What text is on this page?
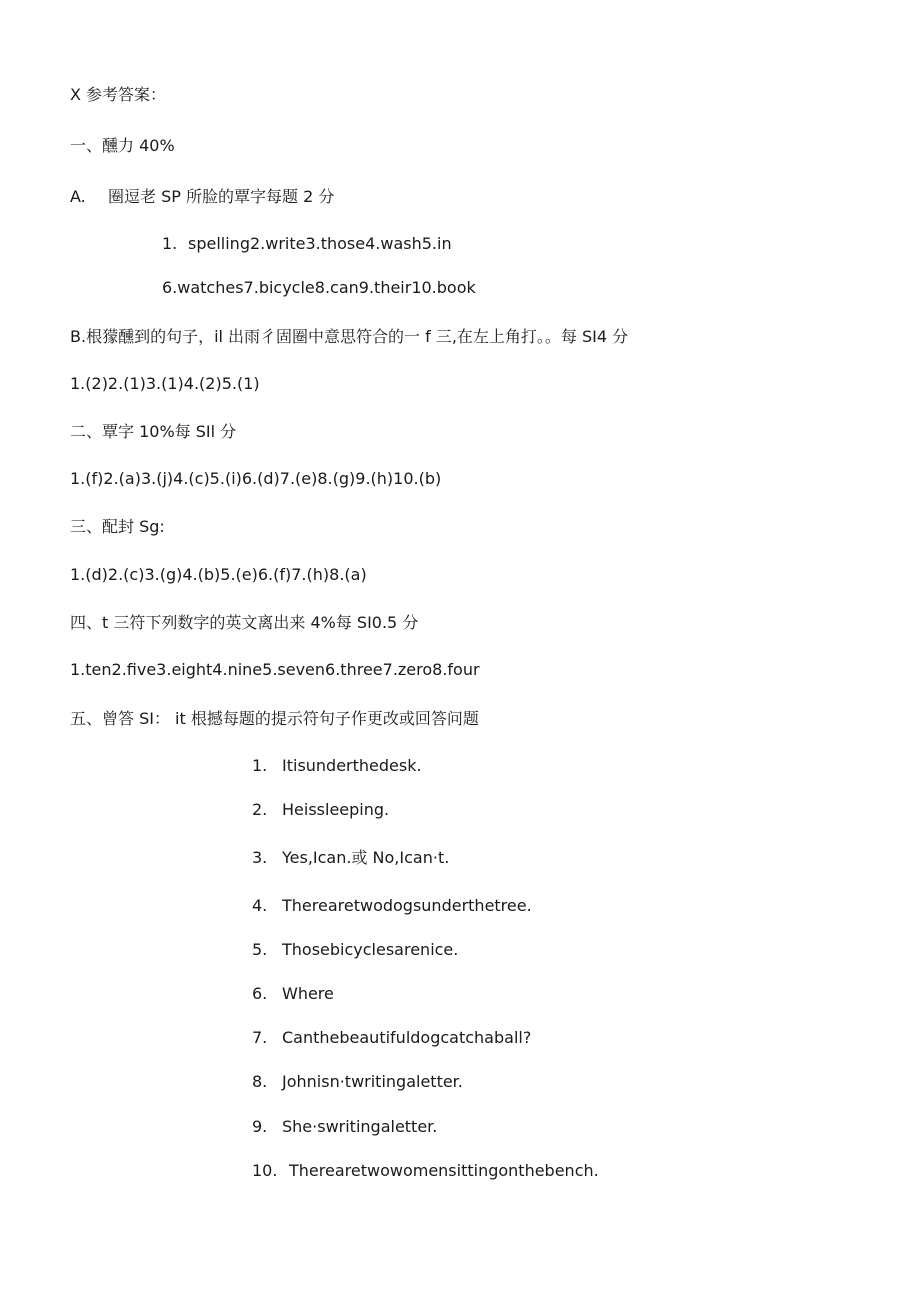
X 参考答案：
一、醺力 40%
A. 圈逗老 SP 所脸的覃字每题 2 分
1. spelling2.write3.those4.wash5.in
6.watches7.bicycle8.can9.their10.book
B.根獴醺到的句子，il 出雨彳固圈中意思符合的一 f 三,在左上角打。。每 SI4 分
1.(2)2.(1)3.(1)4.(2)5.(1)
二、覃字 10%每 SIl 分
1.(f)2.(a)3.(j)4.(c)5.(i)6.(d)7.(e)8.(g)9.(h)10.(b)
三、配封 Sg:
1.(d)2.(c)3.(g)4.(b)5.(e)6.(f)7.(h)8.(a)
四、t 三符下列数字的英文离出来 4%每 SI0.5 分
1.ten2.five3.eight4.nine5.seven6.three7.zero8.four
五、曾答 SI： it 根撼每题的提示符句子作更改或回答问题
1. Itisunderthedesk.
2. Heissleeping.
3. Yes,Ican.或 No,Ican·t.
4. Therearetwodogsunderthetree.
5. Thosebicyclesarenice.
6. Where
7. Canthebeautifuldogcatchaball?
8. Johnisn·twritingaletter.
9. She·swritingaletter.
10. Therearetwowomensittingonthebench.
